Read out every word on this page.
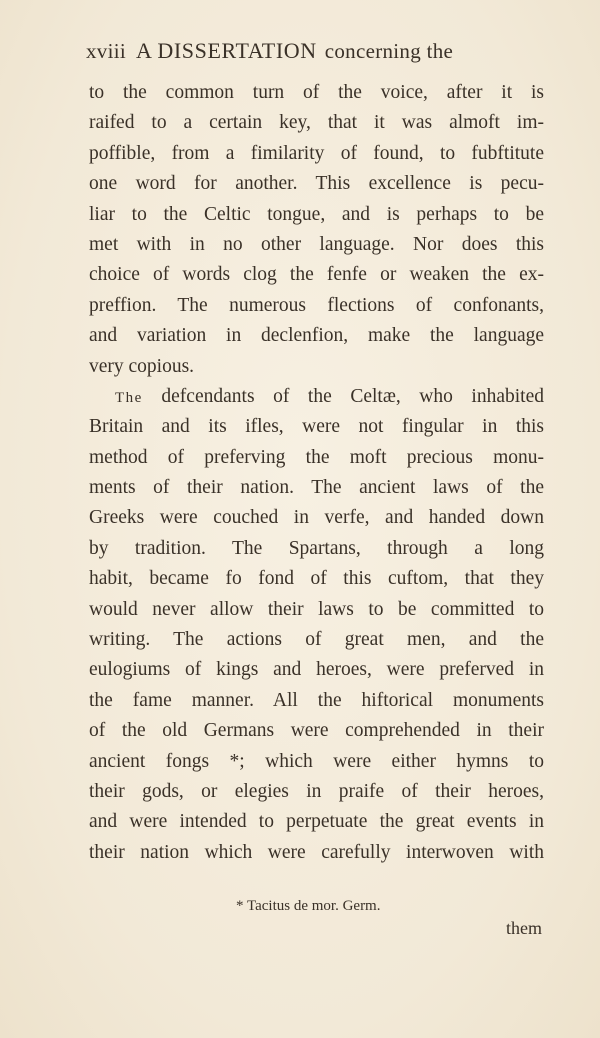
xviii A DISSERTATION concerning the
to the common turn of the voice, after it is
raifed to a certain key, that it was almoft im-
poffible, from a fimilarity of found, to fubftitute
one word for another. This excellence is pecu-
liar to the Celtic tongue, and is perhaps to be
met with in no other language. Nor does this
choice of words clog the fenfe or weaken the ex-
preffion. The numerous flections of confonants,
and variation in declenfion, make the language
very copious.
The defcendants of the Celtæ, who inhabited
Britain and its ifles, were not fingular in this
method of preferving the moft precious monu-
ments of their nation. The ancient laws of the
Greeks were couched in verfe, and handed down
by tradition. The Spartans, through a long
habit, became fo fond of this cuftom, that they
would never allow their laws to be committed to
writing. The actions of great men, and the
eulogiums of kings and heroes, were preferved in
the fame manner. All the hiftorical monuments
of the old Germans were comprehended in their
ancient fongs *; which were either hymns to
their gods, or elegies in praife of their heroes,
and were intended to perpetuate the great events in
their nation which were carefully interwoven with
* Tacitus de mor. Germ.
them
